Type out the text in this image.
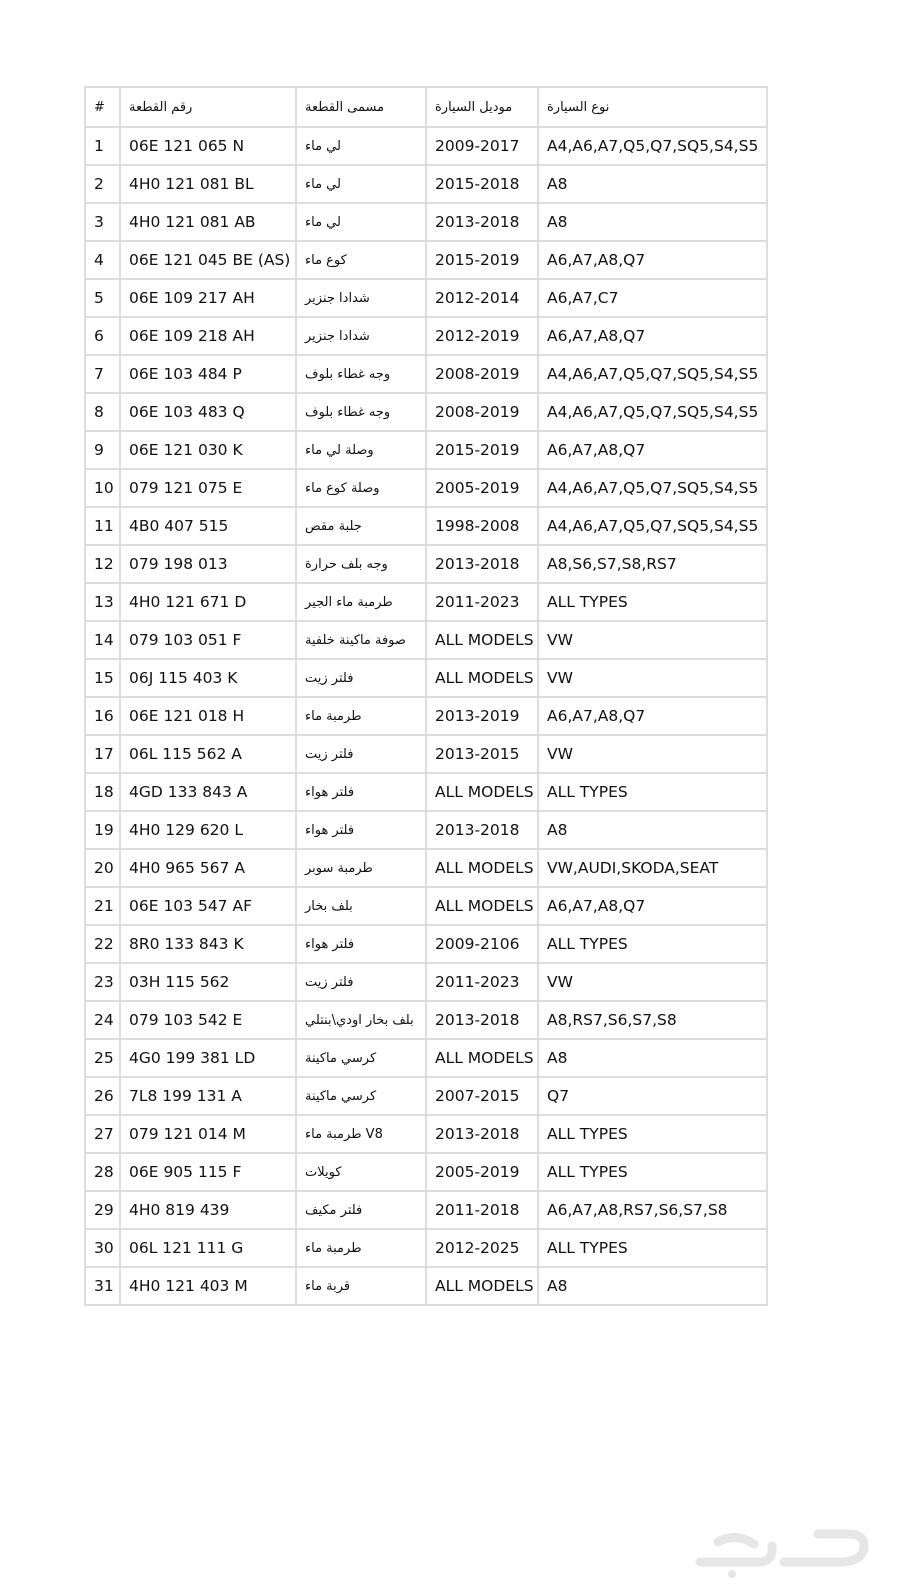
#	رقم القطعة	مسمى القطعة	موديل السيارة	نوع السيارة
1	06E 121 065 N	لي ماء	2009-2017	A4,A6,A7,Q5,Q7,SQ5,S4,S5
2	4H0 121 081 BL	لي ماء	2015-2018	A8
3	4H0 121 081 AB	لي ماء	2013-2018	A8
4	06E 121 045 BE (AS)	كوع ماء	2015-2019	A6,A7,A8,Q7
5	06E 109 217 AH	شدادا جنزير	2012-2014	A6,A7,C7
6	06E 109 218 AH	شدادا جنزير	2012-2019	A6,A7,A8,Q7
7	06E 103 484 P	وجه غطاء بلوف	2008-2019	A4,A6,A7,Q5,Q7,SQ5,S4,S5
8	06E 103 483 Q	وجه غطاء بلوف	2008-2019	A4,A6,A7,Q5,Q7,SQ5,S4,S5
9	06E 121 030 K	وصلة لي ماء	2015-2019	A6,A7,A8,Q7
10	079 121 075 E	وصلة كوع ماء	2005-2019	A4,A6,A7,Q5,Q7,SQ5,S4,S5
11	4B0 407 515	جلبة مقص	1998-2008	A4,A6,A7,Q5,Q7,SQ5,S4,S5
12	079 198 013	وجه بلف حرارة	2013-2018	A8,S6,S7,S8,RS7
13	4H0 121 671 D	طرمبة ماء الجير	2011-2023	ALL TYPES
14	079 103 051 F	صوفة ماكينة خلفية	ALL MODELS	VW
15	06J 115 403 K	فلتر زيت	ALL MODELS	VW
16	06E 121 018 H	طرمبة ماء	2013-2019	A6,A7,A8,Q7
17	06L 115 562 A	فلتر زيت	2013-2015	VW
18	4GD 133 843 A	فلتر هواء	ALL MODELS	ALL TYPES
19	4H0 129 620 L	فلتر هواء	2013-2018	A8
20	4H0 965 567 A	طرمبة سوبر	ALL MODELS	VW,AUDI,SKODA,SEAT
21	06E 103 547 AF	بلف بخار	ALL MODELS	A6,A7,A8,Q7
22	8R0 133 843 K	فلتر هواء	2009-2106	ALL TYPES
23	03H 115 562	فلتر زيت	2011-2023	VW
24	079 103 542 E	بلف بخار اودي\بنتلي	2013-2018	A8,RS7,S6,S7,S8
25	4G0 199 381 LD	كرسي ماكينة	ALL MODELS	A8
26	7L8 199 131 A	كرسي ماكينة	2007-2015	Q7
27	079 121 014 M	طرمبة ماء V8	2013-2018	ALL TYPES
28	06E 905 115 F	كويلات	2005-2019	ALL TYPES
29	4H0 819 439	فلتر مكيف	2011-2018	A6,A7,A8,RS7,S6,S7,S8
30	06L 121 111 G	طرمبة ماء	2012-2025	ALL TYPES
31	4H0 121 403 M	قربة ماء	ALL MODELS	A8
